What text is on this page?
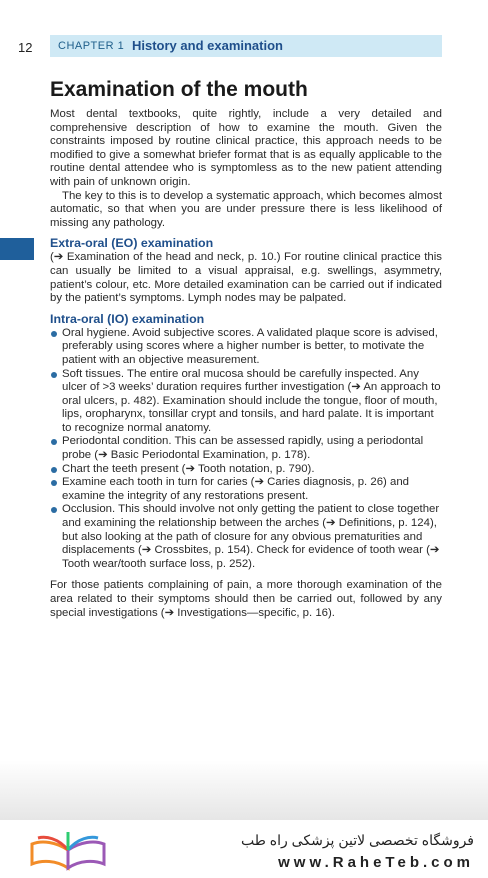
12 CHAPTER 1 History and examination
Examination of the mouth

Most dental textbooks, quite rightly, include a very detailed and comprehensive description of how to examine the mouth. Given the constraints imposed by routine clinical practice, this approach needs to be modified to give a somewhat briefer format that is as equally applicable to the routine dental attendee who is symptomless as to the new patient attending with pain of unknown origin.

The key to this is to develop a systematic approach, which becomes almost automatic, so that when you are under pressure there is less likelihood of missing any pathology.

Extra-oral (EO) examination

(➔ Examination of the head and neck, p. 10.) For routine clinical practice this can usually be limited to a visual appraisal, e.g. swellings, asymmetry, patient’s colour, etc. More detailed examination can be carried out if indicated by the patient’s symptoms. Lymph nodes may be palpated.

Intra-oral (IO) examination
Oral hygiene. Avoid subjective scores. A validated plaque score is advised, preferably using scores where a higher number is better, to motivate the patient with an objective measurement.
Soft tissues. The entire oral mucosa should be carefully inspected. Any ulcer of >3 weeks’ duration requires further investigation (➔ An approach to oral ulcers, p. 482). Examination should include the tongue, floor of mouth, lips, oropharynx, tonsillar crypt and tonsils, and hard palate. It is important to recognize normal anatomy.
Periodontal condition. This can be assessed rapidly, using a periodontal probe (➔ Basic Periodontal Examination, p. 178).
Chart the teeth present (➔ Tooth notation, p. 790).
Examine each tooth in turn for caries (➔ Caries diagnosis, p. 26) and examine the integrity of any restorations present.
Occlusion. This should involve not only getting the patient to close together and examining the relationship between the arches (➔ Definitions, p. 124), but also looking at the path of closure for any obvious prematurities and displacements (➔ Crossbites, p. 154). Check for evidence of tooth wear (➔ Tooth wear/tooth surface loss, p. 252).

For those patients complaining of pain, a more thorough examination of the area related to their symptoms should then be carried out, followed by any special investigations (➔ Investigations—specific, p. 16).

فروشگاه تخصصی لاتین پزشکی راه طب
www.RaheTeb.com
